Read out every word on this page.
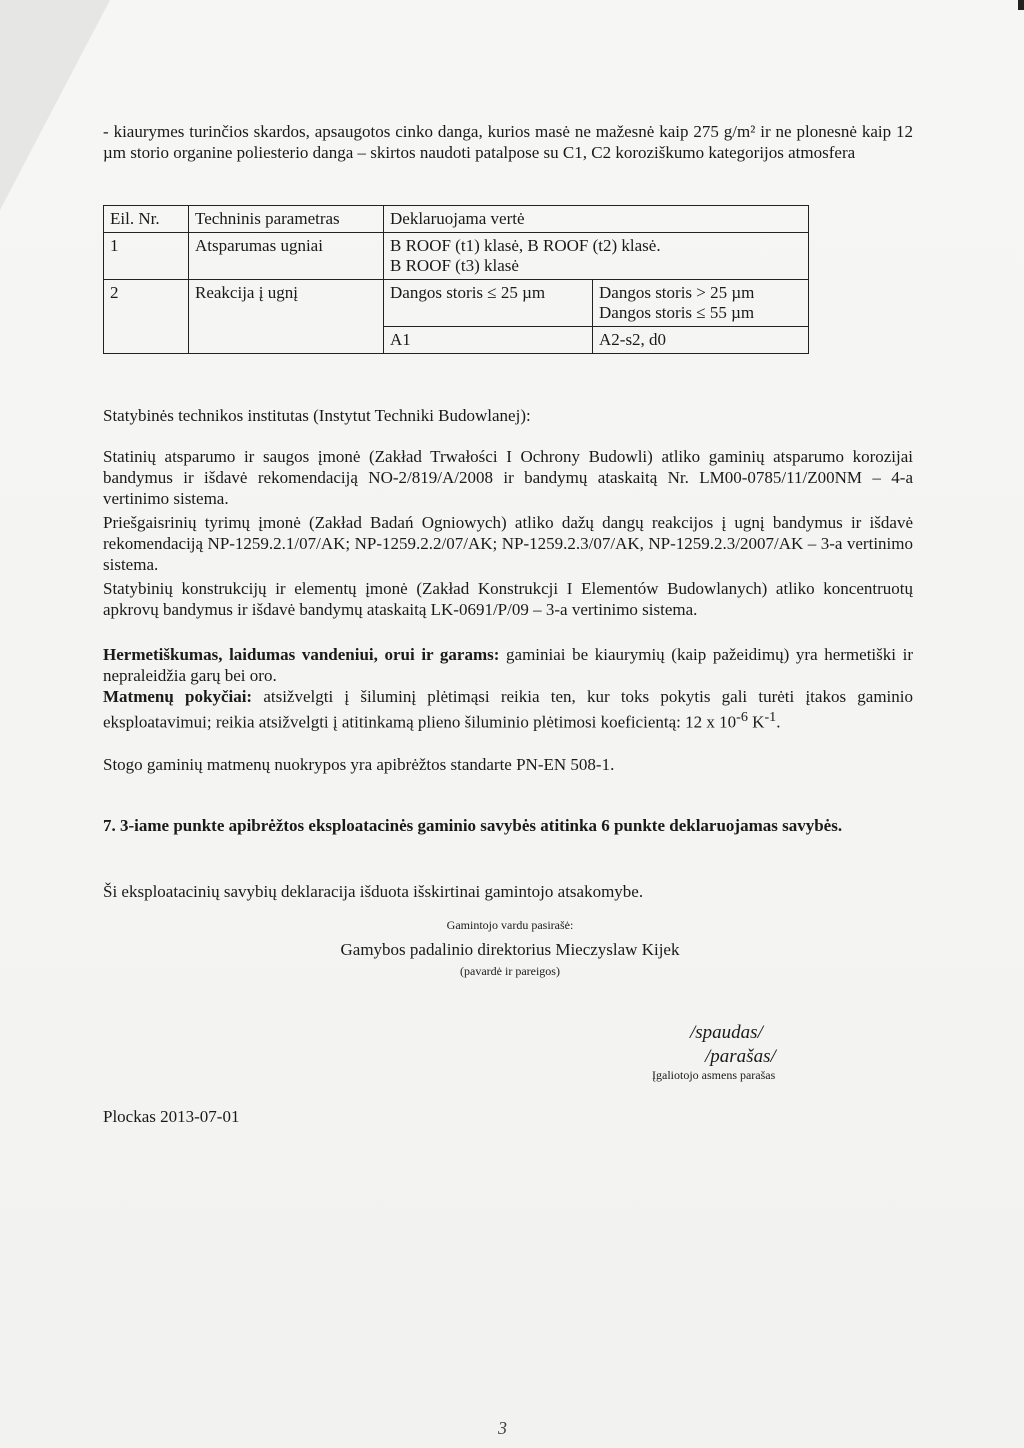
- kiaurymes turinčios skardos, apsaugotos cinko danga, kurios masė ne mažesnė kaip 275 g/m² ir ne plonesnė kaip 12 µm storio organine poliesterio danga – skirtos naudoti patalpose su C1, C2 koroziškumo kategorijos atmosfera

Eil. Nr.	Techninis parametras	Deklaruojama vertė	
1	Atsparumas ugniai	B ROOF (t1) klasė, B ROOF (t2) klasė.
B ROOF (t3) klasė	

2	Reakcija į ugnį	Dangos storis ≤ 25 µm	Dangos storis > 25 µm
Dangos storis ≤ 55 µm

		A1	A2-s2, d0

Statybinės technikos institutas (Instytut Techniki Budowlanej):

Statinių atsparumo ir saugos įmonė (Zakład Trwałości I Ochrony Budowli) atliko gaminių atsparumo korozijai bandymus ir išdavė rekomendaciją NO-2/819/A/2008 ir bandymų ataskaitą Nr. LM00-0785/11/Z00NM – 4-a vertinimo sistema.

Priešgaisrinių tyrimų įmonė (Zakład Badań Ogniowych) atliko dažų dangų reakcijos į ugnį bandymus ir išdavė rekomendaciją NP-1259.2.1/07/AK; NP-1259.2.2/07/AK; NP-1259.2.3/07/AK, NP-1259.2.3/2007/AK – 3-a vertinimo sistema.

Statybinių konstrukcijų ir elementų įmonė (Zakład Konstrukcji I Elementów Budowlanych) atliko koncentruotų apkrovų bandymus ir išdavė bandymų ataskaitą LK-0691/P/09 – 3-a vertinimo sistema.

Hermetiškumas, laidumas vandeniui, orui ir garams: gaminiai be kiaurymių (kaip pažeidimų) yra hermetiški ir nepraleidžia garų bei oro.

Matmenų pokyčiai: atsižvelgti į šiluminį plėtimąsi reikia ten, kur toks pokytis gali turėti įtakos gaminio eksploatavimui; reikia atsižvelgti į atitinkamą plieno šiluminio plėtimosi koeficientą: 12 x $10^{-6}$ $K^{-1}$.

Stogo gaminių matmenų nuokrypos yra apibrėžtos standarte PN-EN 508-1.

7. 3-iame punkte apibrėžtos eksploatacinės gaminio savybės atitinka 6 punkte deklaruojamas savybės.

Ši eksploatacinių savybių deklaracija išduota išskirtinai gamintojo atsakomybe.

Gamintojo vardu pasirašė:
Gamybos padalinio direktorius Mieczyslaw Kijek
(pavardė ir pareigos)
/spaudas/
/parašas/
Įgaliotojo asmens parašas
Plockas 2013-07-01
3
